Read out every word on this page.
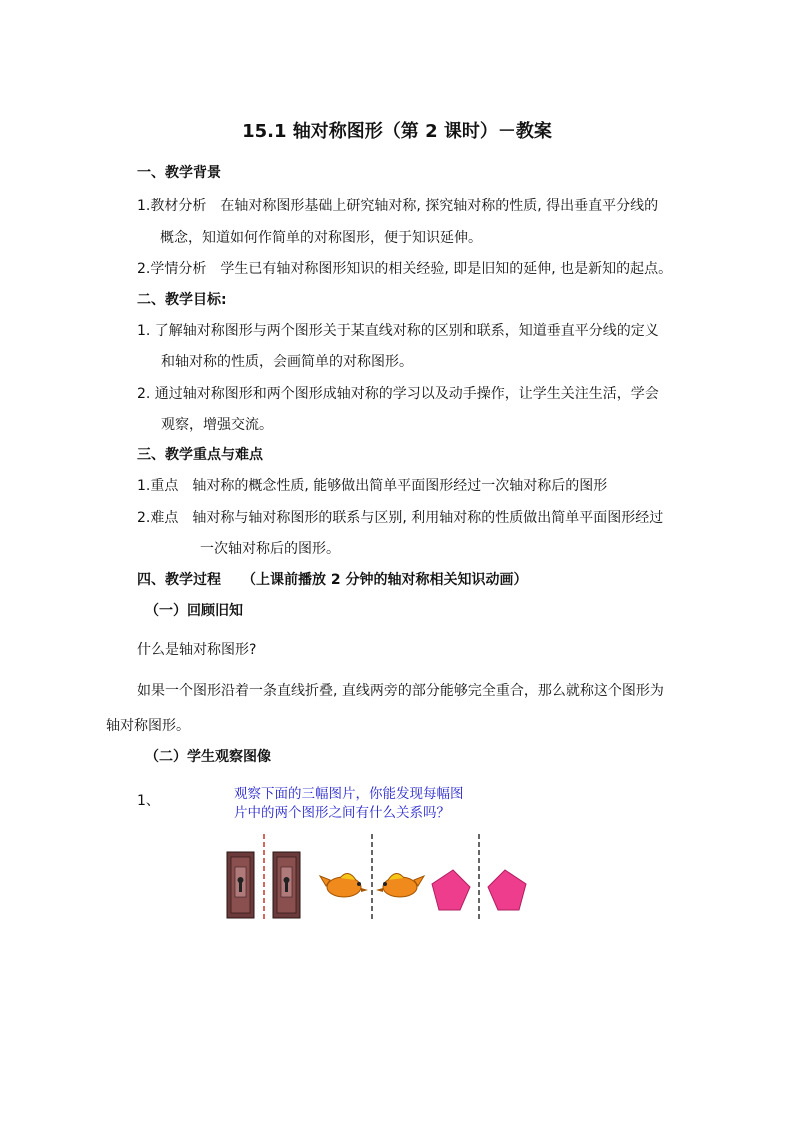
15.1 轴对称图形（第 2 课时）－教案
一、教学背景
1.教材分析　在轴对称图形基础上研究轴对称, 探究轴对称的性质, 得出垂直平分线的
概念，知道如何作简单的对称图形，便于知识延伸。
2.学情分析　学生已有轴对称图形知识的相关经验, 即是旧知的延伸, 也是新知的起点。
二、教学目标:
1. 了解轴对称图形与两个图形关于某直线对称的区别和联系，知道垂直平分线的定义
和轴对称的性质，会画简单的对称图形。
2. 通过轴对称图形和两个图形成轴对称的学习以及动手操作，让学生关注生活，学会
观察，增强交流。
三、教学重点与难点
1.重点　轴对称的概念性质, 能够做出简单平面图形经过一次轴对称后的图形
2.难点　轴对称与轴对称图形的联系与区别, 利用轴对称的性质做出简单平面图形经过
一次轴对称后的图形。
四、教学过程　　（上课前播放 2 分钟的轴对称相关知识动画）
（一）回顾旧知
什么是轴对称图形?
如果一个图形沿着一条直线折叠, 直线两旁的部分能够完全重合，那么就称这个图形为
轴对称图形。
（二）学生观察图像
1、	观察下面的三幅图片，你能发现每幅图
片中的两个图形之间有什么关系吗？
